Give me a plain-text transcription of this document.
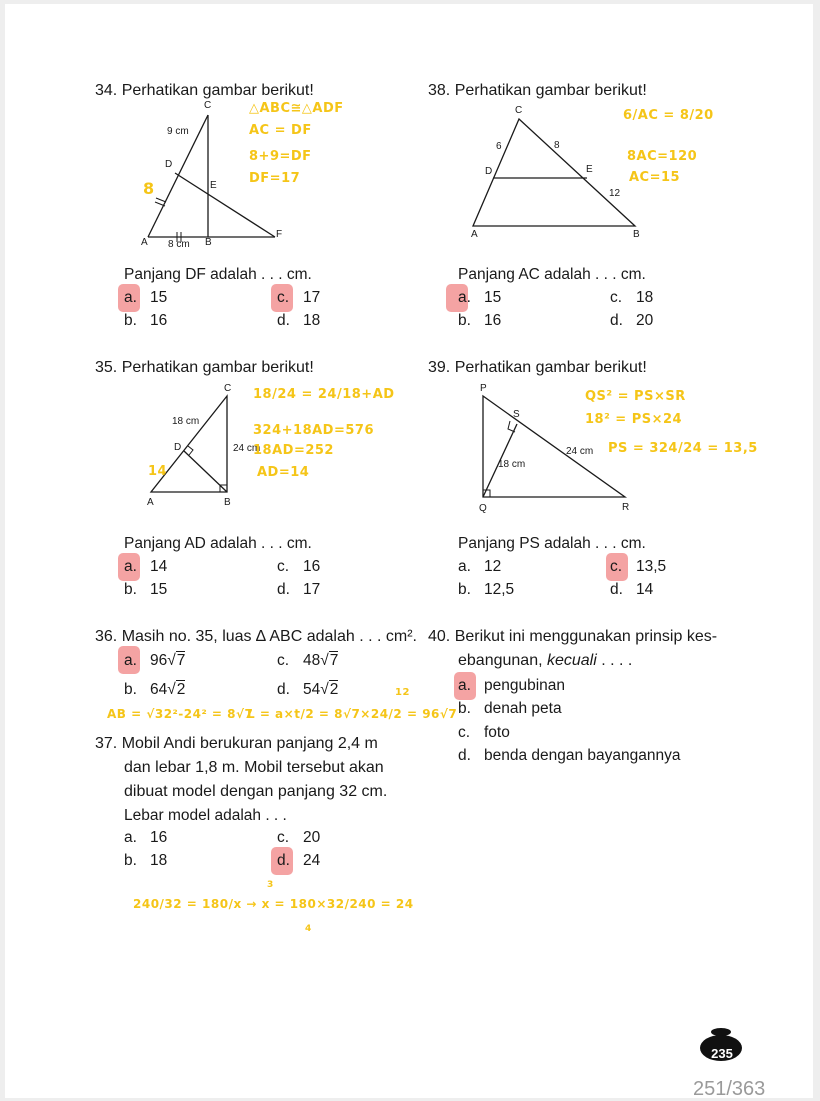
34. Perhatikan gambar berikut!
C
9 cm
D
E
A 8 cm B
F
△ABC≅△ADF
AC = DF
8+9=DF
DF=17
8
Panjang DF adalah . . . cm.
a. 15
b. 16
c. 17
d. 18
38. Perhatikan gambar berikut!
C
6	8
D	E
12
A	B
6/AC = 8/20
8AC=120
AC=15
Panjang AC adalah . . . cm.
a. 15
b. 16
c. 18
d. 20
35. Perhatikan gambar berikut!
C
18 cm
D	24 cm
A	B
18/24 = 24/18+AD
324+18AD=576
18AD=252
AD=14
14
Panjang AD adalah . . . cm.
a. 14
b. 15
c. 16
d. 17
39. Perhatikan gambar berikut!
P
S
18 cm
24 cm
Q	R
QS² = PS×SR
18² = PS×24
PS = 324/24 = 13,5
Panjang PS adalah . . . cm.
a. 12
b. 12,5
c. 13,5
d. 14
36. Masih no. 35, luas ∆ ABC adalah . . . cm².
a. 96√7
b. 64√2
c. 48√7
d. 54√2
AB = √32²-24² = 8√7
L = a×t/2 = 8√7×24/2 = 96√7
12
37. Mobil Andi berukuran panjang 2,4 m
dan lebar 1,8 m. Mobil tersebut akan
dibuat model dengan panjang 32 cm.
Lebar model adalah . . .
a. 16
b. 18
c. 20
d. 24
240/32 = 180/x → x = 180×32/240 = 24
3
4
40. Berikut ini menggunakan prinsip kes-
ebangunan, kecuali . . . .
a. pengubinan
b. denah peta
c. foto
d. benda dengan bayangannya
235
251/363
